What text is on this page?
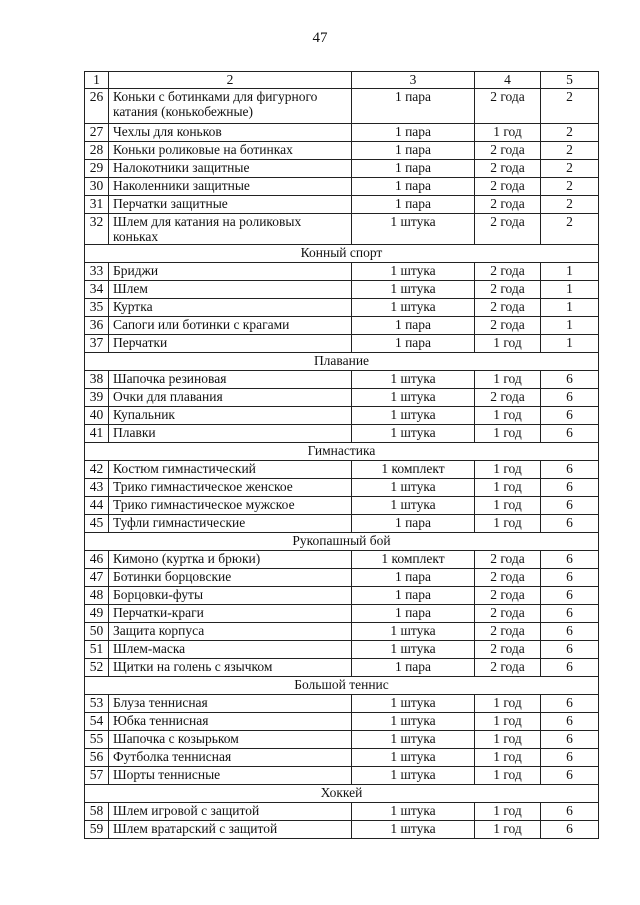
47
1	2	3	4	5
26	Коньки с ботинками для фигурного катания (конькобежные)	1 пара	2 года	2
27	Чехлы для коньков	1 пара	1 год	2
28	Коньки роликовые на ботинках	1 пара	2 года	2
29	Налокотники защитные	1 пара	2 года	2
30	Наколенники защитные	1 пара	2 года	2
31	Перчатки защитные	1 пара	2 года	2
32	Шлем для катания на роликовых коньках	1 штука	2 года	2
Конный спорт				
33	Бриджи	1 штука	2 года	1
34	Шлем	1 штука	2 года	1
35	Куртка	1 штука	2 года	1
36	Сапоги или ботинки с крагами	1 пара	2 года	1
37	Перчатки	1 пара	1 год	1
Плавание				
38	Шапочка резиновая	1 штука	1 год	6
39	Очки для плавания	1 штука	2 года	6
40	Купальник	1 штука	1 год	6
41	Плавки	1 штука	1 год	6
Гимнастика				
42	Костюм гимнастический	1 комплект	1 год	6
43	Трико гимнастическое женское	1 штука	1 год	6
44	Трико гимнастическое мужское	1 штука	1 год	6
45	Туфли гимнастические	1 пара	1 год	6
Рукопашный бой				
46	Кимоно (куртка и брюки)	1 комплект	2 года	6
47	Ботинки борцовские	1 пара	2 года	6
48	Борцовки-футы	1 пара	2 года	6
49	Перчатки-краги	1 пара	2 года	6
50	Защита корпуса	1 штука	2 года	6
51	Шлем-маска	1 штука	2 года	6
52	Щитки на голень с язычком	1 пара	2 года	6
Большой теннис				
53	Блуза теннисная	1 штука	1 год	6
54	Юбка теннисная	1 штука	1 год	6
55	Шапочка с козырьком	1 штука	1 год	6
56	Футболка теннисная	1 штука	1 год	6
57	Шорты теннисные	1 штука	1 год	6
Хоккей				
58	Шлем игровой с защитой	1 штука	1 год	6
59	Шлем вратарский с защитой	1 штука	1 год	6
